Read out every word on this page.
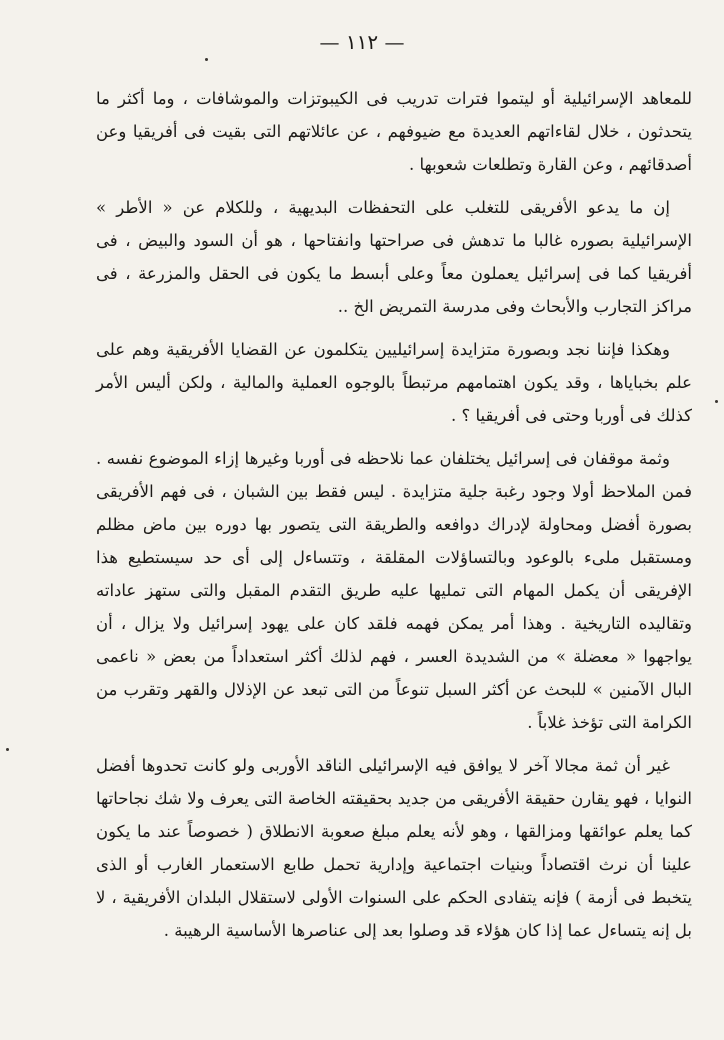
— ١١٢ —

للمعاهد الإسرائيلية أو ليتموا فترات تدريب فى الكيبوتزات والموشافات ، وما أكثر ما يتحدثون ، خلال لقاءاتهم العديدة مع ضيوفهم ، عن عائلاتهم التى بقيت فى أفريقيا وعن أصدقائهم ، وعن القارة وتطلعات شعوبها .

إن ما يدعو الأفريقى للتغلب على التحفظات البديهية ، وللكلام عن « الأطر » الإسرائيلية بصوره غالبا ما تدهش فى صراحتها وانفتاحها ، هو أن السود والبيض ، فى أفريقيا كما فى إسرائيل يعملون معاً وعلى أبسط ما يكون فى الحقل والمزرعة ، فى مراكز التجارب والأبحاث وفى مدرسة التمريض الخ ..

وهكذا فإننا نجد وبصورة متزايدة إسرائيليين يتكلمون عن القضايا الأفريقية وهم على علم بخباياها ، وقد يكون اهتمامهم مرتبطاً بالوجوه العملية والمالية ، ولكن أليس الأمر كذلك فى أوربا وحتى فى أفريقيا ؟ .

وثمة موقفان فى إسرائيل يختلفان عما نلاحظه فى أوربا وغيرها إزاء الموضوع نفسه . فمن الملاحظ أولا وجود رغبة جلية متزايدة . ليس فقط بين الشبان ، فى فهم الأفريقى بصورة أفضل ومحاولة لإدراك دوافعه والطريقة التى يتصور بها دوره بين ماض مظلم ومستقبل ملىء بالوعود وبالتساؤلات المقلقة ، وتتساءل إلى أى حد سيستطيع هذا الإفريقى أن يكمل المهام التى تمليها عليه طريق التقدم المقبل والتى ستهز عاداته وتقاليده التاريخية . وهذا أمر يمكن فهمه فلقد كان على يهود إسرائيل ولا يزال ، أن يواجهوا « معضلة » من الشديدة العسر ، فهم لذلك أكثر استعداداً من بعض « ناعمى البال الآمنين » للبحث عن أكثر السبل تنوعاً من التى تبعد عن الإذلال والقهر وتقرب من الكرامة التى تؤخذ غلاباً .

غير أن ثمة مجالا آخر لا يوافق فيه الإسرائيلى الناقد الأوربى ولو كانت تحدوها أفضل النوايا ، فهو يقارن حقيقة الأفريقى من جديد بحقيقته الخاصة التى يعرف ولا شك نجاحاتها كما يعلم عوائقها ومزالقها ، وهو لأنه يعلم مبلغ صعوبة الانطلاق ( خصوصاً عند ما يكون علينا أن نرث اقتصاداً وبنيات اجتماعية وإدارية تحمل طابع الاستعمار الغارب أو الذى يتخبط فى أزمة ) فإنه يتفادى الحكم على السنوات الأولى لاستقلال البلدان الأفريقية ، لا بل إنه يتساءل عما إذا كان هؤلاء قد وصلوا بعد إلى عناصرها الأساسية الرهيبة .
